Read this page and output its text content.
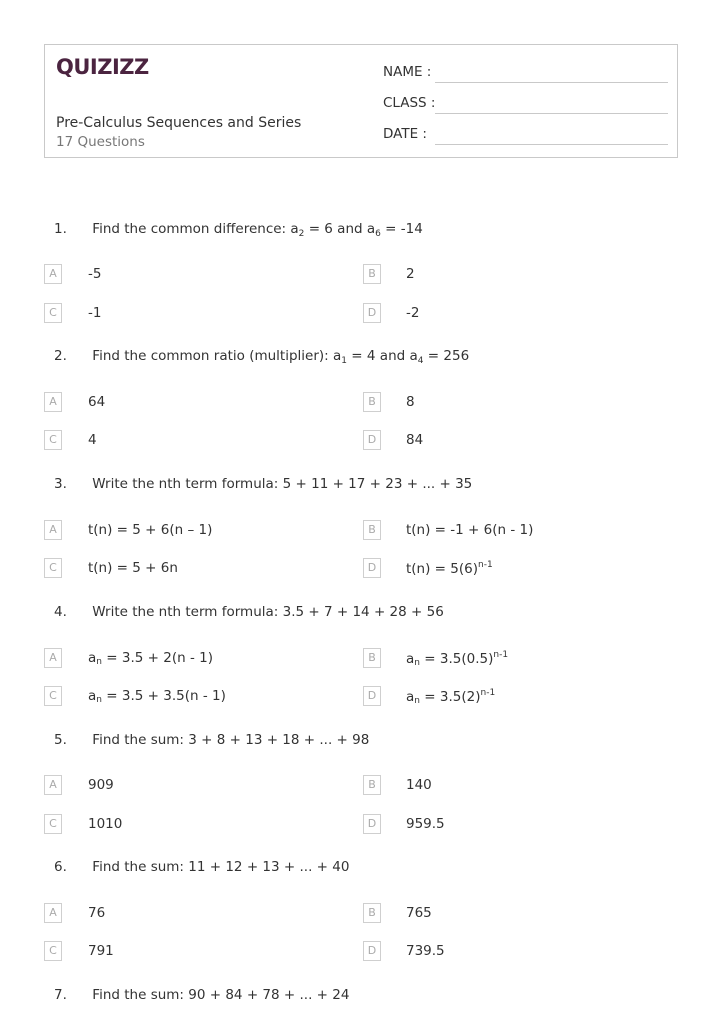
QUIZIZZ
Pre-Calculus Sequences and Series
17 Questions
NAME :
CLASS :
DATE :
1. Find the common difference: $a_2 = 6$ and $a_6 = -14$
A	-5	B	2
C	-1	D	-2
2. Find the common ratio (multiplier): $a_1 = 4$ and $a_4 = 256$
A	64	B	8
C	4	D	84
3. Write the nth term formula: 5 + 11 + 17 + 23 + ... + 35
A	t(n) = 5 + 6(n – 1)	B	t(n) = -1 + 6(n - 1)
C	t(n) = 5 + 6n	D	$t(n) = 5(6)^{n-1}$
4. Write the nth term formula: 3.5 + 7 + 14 + 28 + 56
A	$a_n = 3.5 + 2(n - 1)$	B	$a_n = 3.5(0.5)^{n-1}$
C	$a_n = 3.5 + 3.5(n - 1)$	D	$a_n = 3.5(2)^{n-1}$
5. Find the sum: 3 + 8 + 13 + 18 + ... + 98
A	909	B	140
C	1010	D	959.5
6. Find the sum: 11 + 12 + 13 + ... + 40
A	76	B	765
C	791	D	739.5
7. Find the sum: 90 + 84 + 78 + ... + 24
